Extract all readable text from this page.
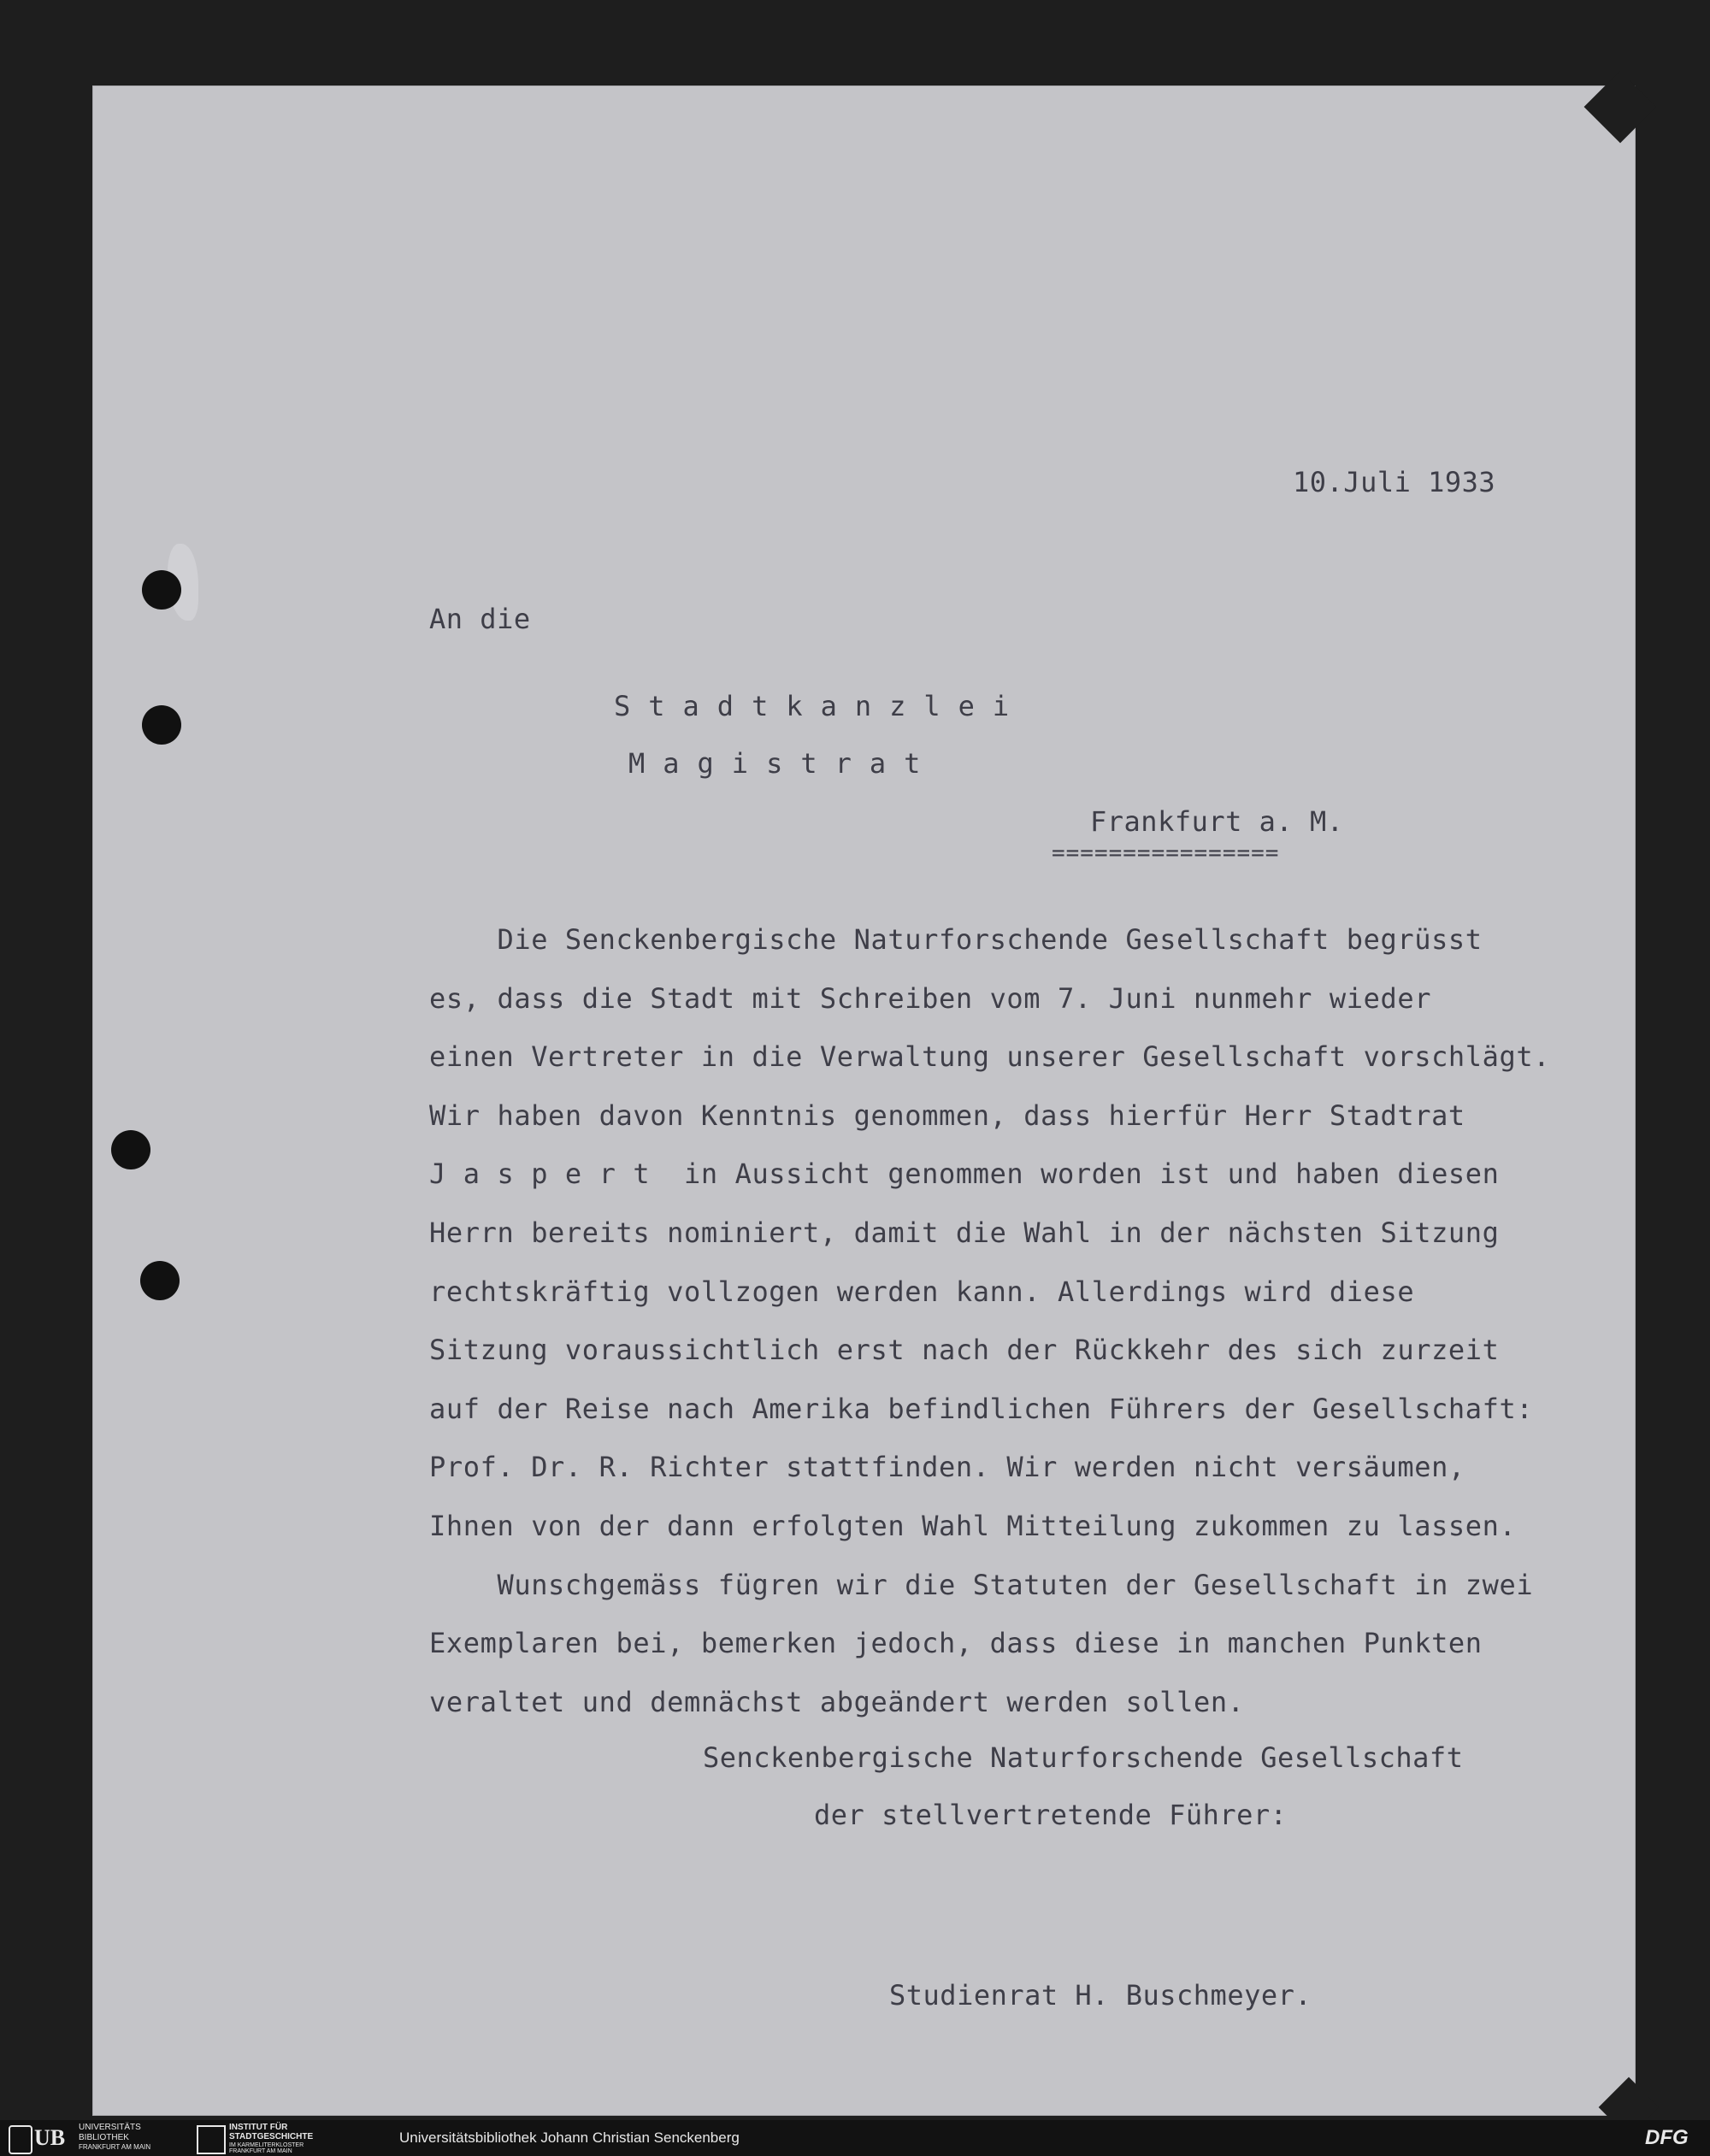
10.Juli 1933
An die
Stadtkanzlei
Magistrat
Frankfurt a. M.
================
Die Senckenbergische Naturforschende Gesellschaft begrüsst
es, dass die Stadt mit Schreiben vom 7. Juni nunmehr wieder
einen Vertreter in die Verwaltung unserer Gesellschaft vorschlägt.
Wir haben davon Kenntnis genommen, dass hierfür Herr Stadtrat
J a s p e r t  in Aussicht genommen worden ist und haben diesen
Herrn bereits nominiert, damit die Wahl in der nächsten Sitzung
rechtskräftig vollzogen werden kann. Allerdings wird diese
Sitzung voraussichtlich erst nach der Rückkehr des sich zurzeit
auf der Reise nach Amerika befindlichen Führers der Gesellschaft:
Prof. Dr. R. Richter stattfinden. Wir werden nicht versäumen,
Ihnen von der dann erfolgten Wahl Mitteilung zukommen zu lassen.
Wunschgemäss fügren wir die Statuten der Gesellschaft in zwei
Exemplaren bei, bemerken jedoch, dass diese in manchen Punkten
veraltet und demnächst abgeändert werden sollen.
Senckenbergische Naturforschende Gesellschaft
der stellvertretende Führer:
Studienrat H. Buschmeyer.
UB UNIVERSITÄTS
BIBLIOTHEK
FRANKFURT AM MAIN
INSTITUT FÜR
STADTGESCHICHTE
IM KARMELITERKLOSTER
FRANKFURT AM MAIN
Universitätsbibliothek Johann Christian Senckenberg	DFG
